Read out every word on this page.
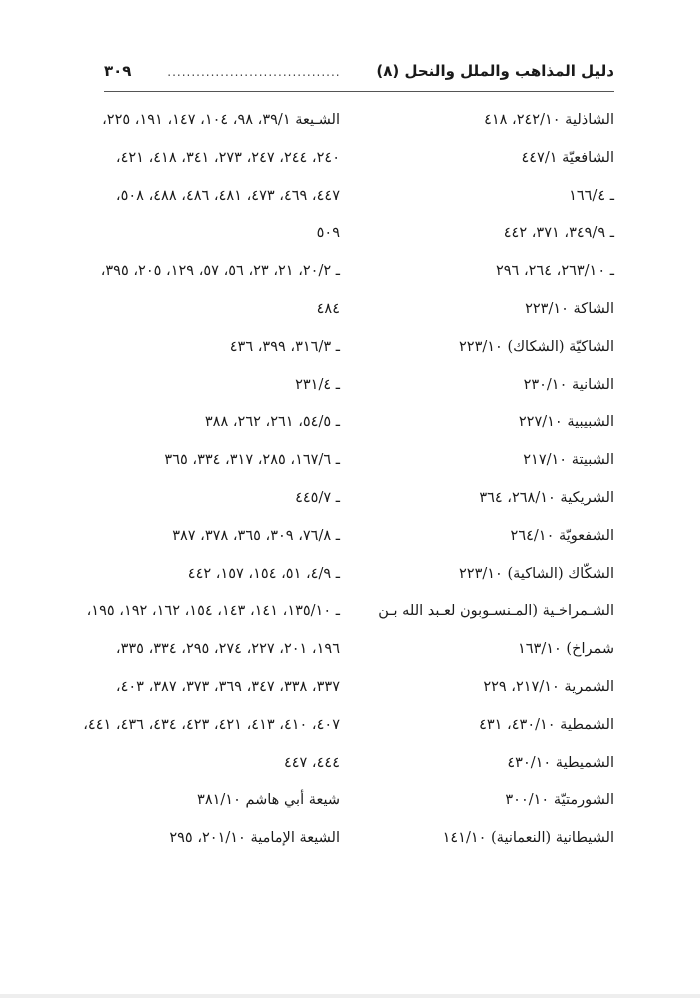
دليل المذاهب والملل والنحل (٨)
....................................
٣٠٩
الشاذلية ٢٤٢/١٠، ٤١٨
الشافعيّة ٤٤٧/١
ـ ١٦٦/٤
ـ ٣٤٩/٩، ٣٧١، ٤٤٢
ـ ٢٦٣/١٠، ٢٦٤، ٢٩٦
الشاكة ٢٢٣/١٠
الشاكيّة (الشكاك) ٢٢٣/١٠
الشانية ٢٣٠/١٠
الشبيبية ٢٢٧/١٠
الشبيتة ٢١٧/١٠
الشريكية ٢٦٨/١٠، ٣٦٤
الشفعويّة ٢٦٤/١٠
الشكّاك (الشاكية) ٢٢٣/١٠
الشـمراخـية (المـنسـوبون لعـبد الله بـن
شمراخ) ١٦٣/١٠
الشمرية ٢١٧/١٠، ٢٢٩
الشمطية ٤٣٠/١٠، ٤٣١
الشميطية ٤٣٠/١٠
الشورمتيّة ٣٠٠/١٠
الشيطانية (النعمانية) ١٤١/١٠
الشـيعة ٣٩/١، ٩٨، ١٠٤، ١٤٧، ١٩١، ٢٢٥،
٢٤٠، ٢٤٤، ٢٤٧، ٢٧٣، ٣٤١، ٤١٨، ٤٢١،
٤٤٧، ٤٦٩، ٤٧٣، ٤٨١، ٤٨٦، ٤٨٨، ٥٠٨،
٥٠٩
ـ ٢٠/٢، ٢١، ٢٣، ٥٦، ٥٧، ١٢٩، ٢٠٥، ٣٩٥،
٤٨٤
ـ ٣١٦/٣، ٣٩٩، ٤٣٦
ـ ٢٣١/٤
ـ ٥٤/٥، ٢٦١، ٢٦٢، ٣٨٨
ـ ١٦٧/٦، ٢٨٥، ٣١٧، ٣٣٤، ٣٦٥
ـ ٤٤٥/٧
ـ ٧٦/٨، ٣٠٩، ٣٦٥، ٣٧٨، ٣٨٧
ـ ٤/٩، ٥١، ١٥٤، ١٥٧، ٤٤٢
ـ ١٣٥/١٠، ١٤١، ١٤٣، ١٥٤، ١٦٢، ١٩٢، ١٩٥،
١٩٦، ٢٠١، ٢٢٧، ٢٧٤، ٢٩٥، ٣٣٤، ٣٣٥،
٣٣٧، ٣٣٨، ٣٤٧، ٣٦٩، ٣٧٣، ٣٨٧، ٤٠٣،
٤٠٧، ٤١٠، ٤١٣، ٤٢١، ٤٢٣، ٤٣٤، ٤٣٦، ٤٤١،
٤٤٤، ٤٤٧
شيعة أبي هاشم ٣٨١/١٠
الشيعة الإمامية ٢٠١/١٠، ٢٩٥
